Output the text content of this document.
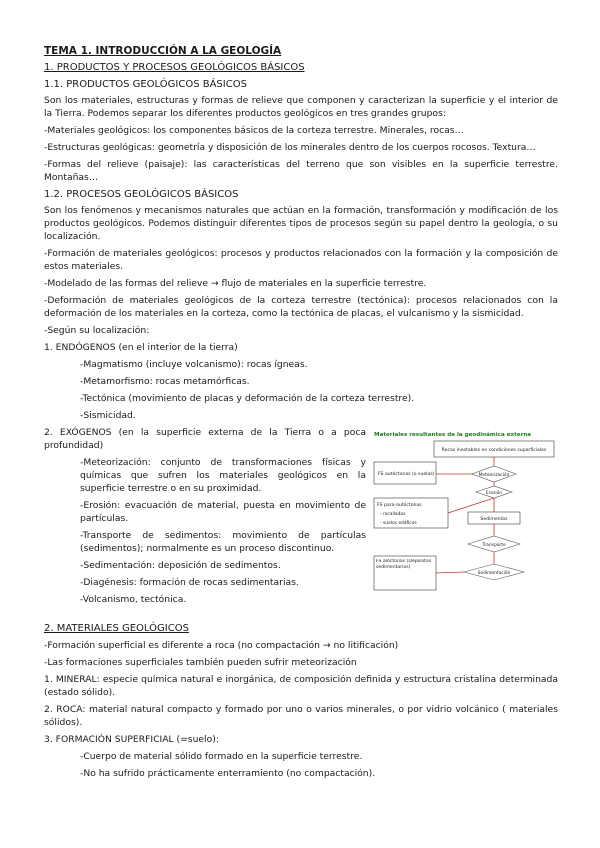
TEMA 1. INTRODUCCIÓN A LA GEOLOGÍA

1. PRODUCTOS Y PROCESOS GEOLÓGICOS BÁSICOS

1.1. PRODUCTOS GEOLÓGICOS BÁSICOS

Son los materiales, estructuras y formas de relieve que componen y caracterizan la superficie y el interior de la Tierra. Podemos separar los diferentes productos geológicos en tres grandes grupos:

-Materiales geológicos: los componentes básicos de la corteza terrestre. Minerales, rocas…

-Estructuras geológicas: geometría y disposición de los minerales dentro de los cuerpos rocosos. Textura…

-Formas del relieve (paisaje): las características del terreno que son visibles en la superficie terrestre. Montañas…

1.2. PROCESOS GEOLÓGICOS BÁSICOS

Son los fenómenos y mecanismos naturales que actúan en la formación, transformación y modificación de los productos geológicos. Podemos distinguir diferentes tipos de procesos según su papel dentro la geología, o su localización.

-Formación de materiales geológicos: procesos y productos relacionados con la formación y la composición de estos materiales.

-Modelado de las formas del relieve → flujo de materiales en la superficie terrestre.

-Deformación de materiales geológicos de la corteza terrestre (tectónica): procesos relacionados con la deformación de los materiales en la corteza, como la tectónica de placas, el vulcanismo y la sismicidad.

-Según su localización:

1. ENDÓGENOS (en el interior de la tierra)

-Magmatismo (incluye volcanismo): rocas ígneas.

-Metamorfismo: rocas metamórficas.

-Tectónica (movimiento de placas y deformación de la corteza terrestre).

-Sismicidad.

2. EXÓGENOS (en la superficie externa de la Tierra o a poca profundidad)

-Meteorización: conjunto de transformaciones físicas y químicas que sufren los materiales geológicos en la superficie terrestre o en su proximidad.

-Erosión: evacuación de material, puesta en movimiento de partículas.

-Transporte de sedimentos: movimiento de partículas (sedimentos); normalmente es un proceso discontinuo.

-Sedimentación: deposición de sedimentos.

-Diagénesis: formación de rocas sedimentarias.

-Volcanismo, tectónica.

Materiales resultantes de la geodinámica externa
Rocas inestables en condiciones superficiales
Meteorización
FS autóctonas (o suelos)
Erosión
FS para-autóctonas
- rocalladas
- suelos edáficos
Sedimentos
Transporte
Sedimentación
FS alóctonas (Depósitos sedimentarios)

2. MATERIALES GEOLÓGICOS

-Formación superficial es diferente a roca (no compactación → no litificación)

-Las formaciones superficiales también pueden sufrir meteorización

1. MINERAL: especie química natural e inorgánica, de composición definida y estructura cristalina determinada (estado sólido).

2. ROCA: material natural compacto y formado por uno o varios minerales, o por vidrio volcánico ( materiales sólidos).

3. FORMACIÓN SUPERFICIAL (=suelo):

-Cuerpo de material sólido formado en la superficie terrestre.

-No ha sufrido prácticamente enterramiento (no compactación).
